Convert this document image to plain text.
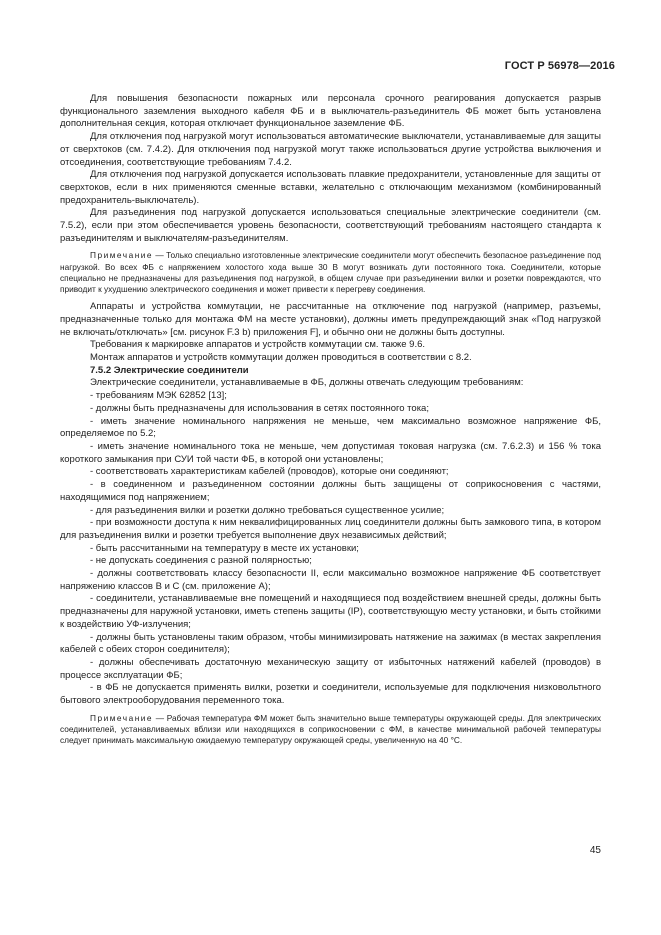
ГОСТ Р 56978—2016

Для повышения безопасности пожарных или персонала срочного реагирования допускается разрыв функционального заземления выходного кабеля ФБ и в выключатель-разъединитель ФБ может быть установлена дополнительная секция, которая отключает функциональное заземление ФБ.

Для отключения под нагрузкой могут использоваться автоматические выключатели, устанавливаемые для защиты от сверхтоков (см. 7.4.2). Для отключения под нагрузкой могут также использоваться другие устройства выключения и отсоединения, соответствующие требованиям 7.4.2.

Для отключения под нагрузкой допускается использовать плавкие предохранители, установленные для защиты от сверхтоков, если в них применяются сменные вставки, желательно с отключающим механизмом (комбинированный предохранитель-выключатель).

Для разъединения под нагрузкой допускается использоваться специальные электрические соединители (см. 7.5.2), если при этом обеспечивается уровень безопасности, соответствующий требованиям настоящего стандарта к разъединителям и выключателям-разъединителям.

Примечание — Только специально изготовленные электрические соединители могут обеспечить безопасное разъединение под нагрузкой. Во всех ФБ с напряжением холостого хода выше 30 В могут возникать дуги постоянного тока. Соединители, которые специально не предназначены для разъединения под нагрузкой, в общем случае при разъединении вилки и розетки повреждаются, что приводит к ухудшению электрического соединения и может привести к перегреву соединения.

Аппараты и устройства коммутации, не рассчитанные на отключение под нагрузкой (например, разъемы, предназначенные только для монтажа ФМ на месте установки), должны иметь предупреждающий знак «Под нагрузкой не включать/отключать» [см. рисунок F.3 b) приложения F], и обычно они не должны быть доступны.

Требования к маркировке аппаратов и устройств коммутации см. также 9.6.

Монтаж аппаратов и устройств коммутации должен проводиться в соответствии с 8.2.

7.5.2 Электрические соединители

Электрические соединители, устанавливаемые в ФБ, должны отвечать следующим требованиям:

- требованиям МЭК 62852 [13];

- должны быть предназначены для использования в сетях постоянного тока;

- иметь значение номинального напряжения не меньше, чем максимально возможное напряжение ФБ, определяемое по 5.2;

- иметь значение номинального тока не меньше, чем допустимая токовая нагрузка (см. 7.6.2.3) и 156 % тока короткого замыкания при СУИ той части ФБ, в которой они установлены;

- соответствовать характеристикам кабелей (проводов), которые они соединяют;

- в соединенном и разъединенном состоянии должны быть защищены от соприкосновения с частями, находящимися под напряжением;

- для разъединения вилки и розетки должно требоваться существенное усилие;

- при возможности доступа к ним неквалифицированных лиц соединители должны быть замкового типа, в котором для разъединения вилки и розетки требуется выполнение двух независимых действий;

- быть рассчитанными на температуру в месте их установки;

- не допускать соединения с разной полярностью;

- должны соответствовать классу безопасности II, если максимально возможное напряжение ФБ соответствует напряжению классов В и С (см. приложение А);

- соединители, устанавливаемые вне помещений и находящиеся под воздействием внешней среды, должны быть предназначены для наружной установки, иметь степень защиты (IP), соответствующую месту установки, и быть стойкими к воздействию УФ-излучения;

- должны быть установлены таким образом, чтобы минимизировать натяжение на зажимах (в местах закрепления кабелей с обеих сторон соединителя);

- должны обеспечивать достаточную механическую защиту от избыточных натяжений кабелей (проводов) в процессе эксплуатации ФБ;

- в ФБ не допускается применять вилки, розетки и соединители, используемые для подключения низковольтного бытового электрооборудования переменного тока.

Примечание — Рабочая температура ФМ может быть значительно выше температуры окружающей среды. Для электрических соединителей, устанавливаемых вблизи или находящихся в соприкосновении с ФМ, в качестве минимальной рабочей температуры следует принимать максимальную ожидаемую температуру окружающей среды, увеличенную на 40 °С.

45
